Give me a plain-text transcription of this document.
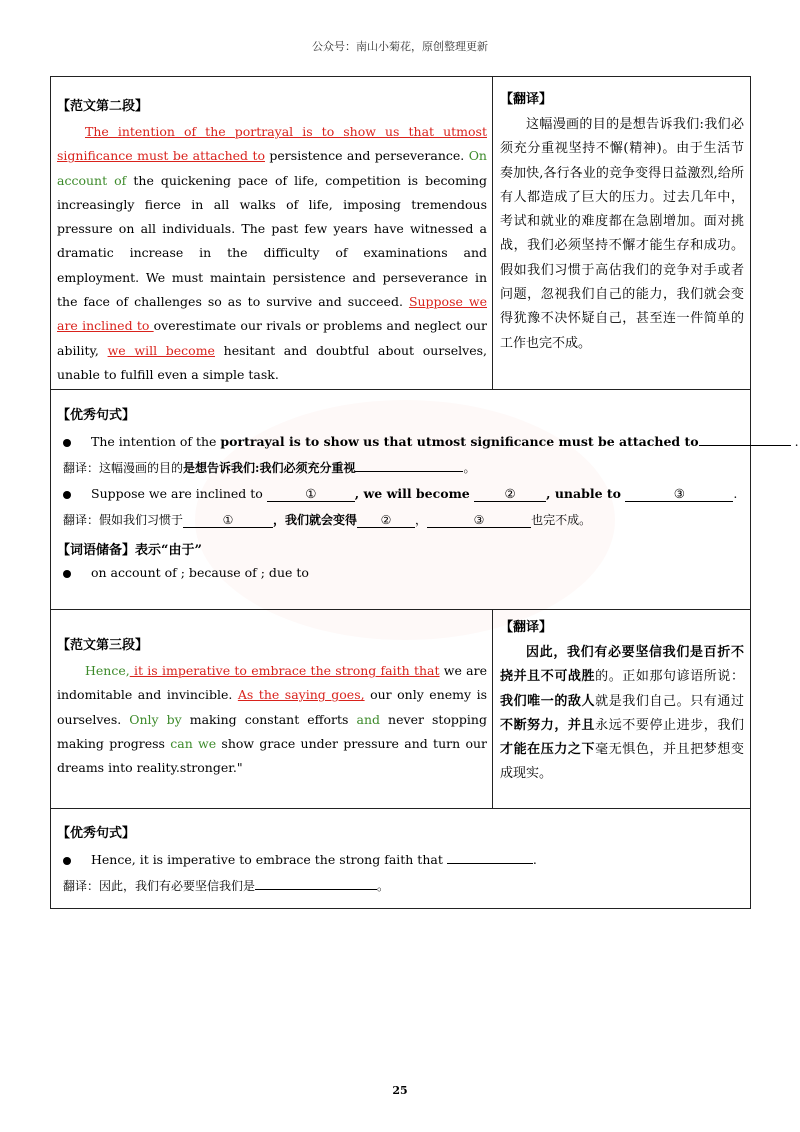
公众号：南山小菊花，原创整理更新
【范文第二段】
The intention of the portrayal is to show us that utmost significance must be attached to persistence and perseverance. On account of the quickening pace of life, competition is becoming increasingly fierce in all walks of life, imposing tremendous pressure on all individuals. The past few years have witnessed a dramatic increase in the difficulty of examinations and employment. We must maintain persistence and perseverance in the face of challenges so as to survive and succeed. Suppose we are inclined to overestimate our rivals or problems and neglect our ability, we will become hesitant and doubtful about ourselves, unable to fulfill even a simple task.
【翻译】
这幅漫画的目的是想告诉我们:我们必须充分重视坚持不懈(精神)。由于生活节奏加快,各行各业的竞争变得日益激烈,给所有人都造成了巨大的压力。过去几年中，考试和就业的难度都在急剧增加。面对挑战，我们必须坚持不懈才能生存和成功。假如我们习惯于高估我们的竞争对手或者问题，忽视我们自己的能力，我们就会变得犹豫不决怀疑自己，甚至连一件简单的工作也完不成。
【优秀句式】
The intention of the portrayal is to show us that utmost significance must be attached to	.
翻译：这幅漫画的目的是想告诉我们:我们必须充分重视	。
Suppose we are inclined to	①	, we will become ② , unable to	③	.
翻译：假如我们习惯于	①	，我们就会变得 ② ，	③	也完不成。
【词语储备】表示“由于”
on account of ; because of ; due to
【范文第三段】
Hence, it is imperative to embrace the strong faith that we are indomitable and invincible. As the saying goes, our only enemy is ourselves. Only by making constant efforts and never stopping making progress can we show grace under pressure and turn our dreams into reality.stronger."
【翻译】
因此，我们有必要坚信我们是百折不挠并且不可战胜的。正如那句谚语所说：我们唯一的敌人就是我们自己。只有通过不断努力，并且永远不要停止进步，我们才能在压力之下毫无惧色，并且把梦想变成现实。
【优秀句式】
Hence, it is imperative to embrace the strong faith that	.
翻译：因此，我们有必要坚信我们是	。
25
